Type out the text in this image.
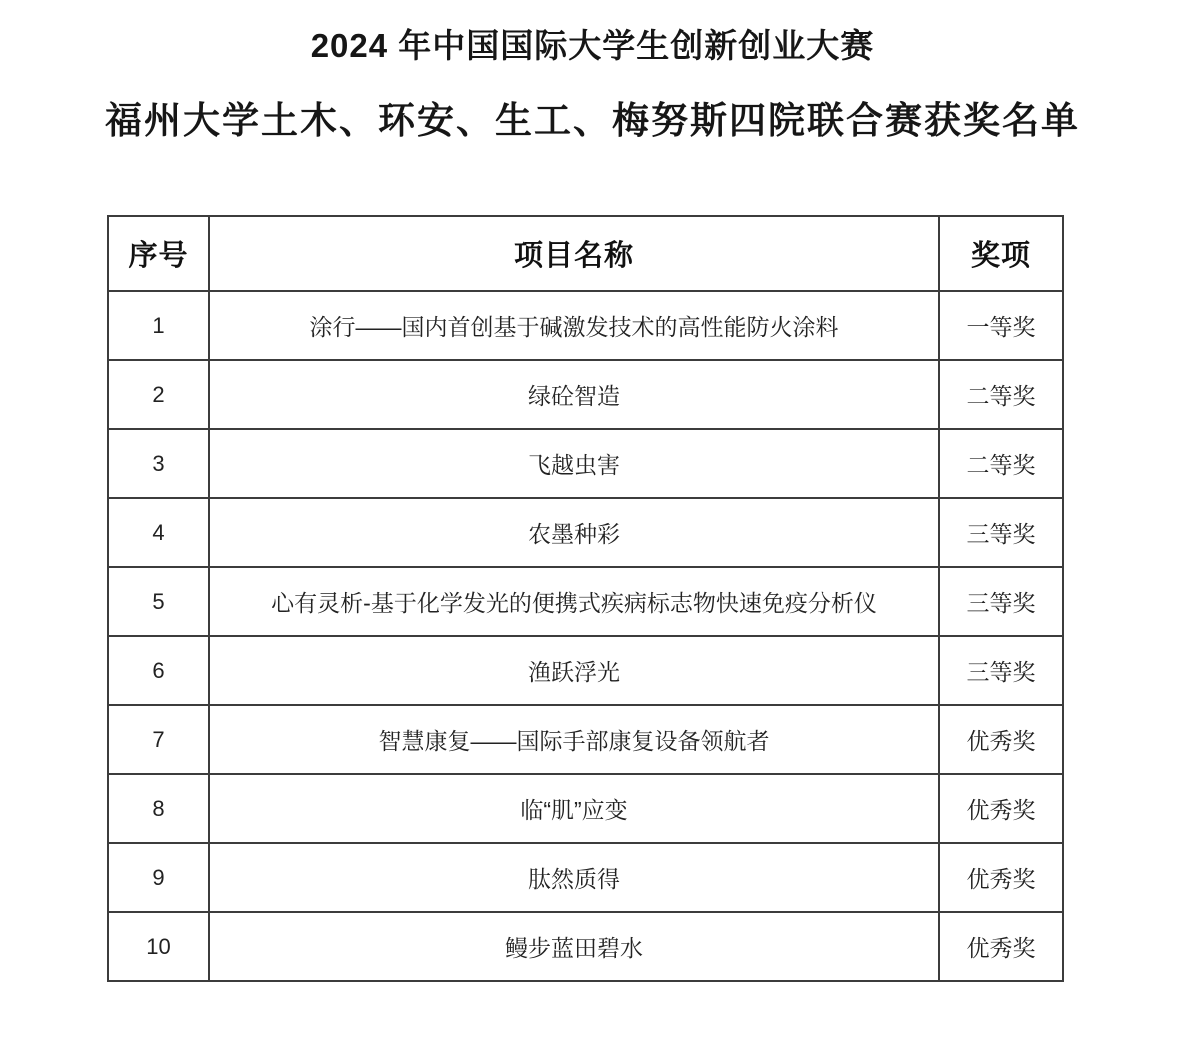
2024 年中国国际大学生创新创业大赛
福州大学土木、环安、生工、梅努斯四院联合赛获奖名单
序号	项目名称	奖项
1	涂行——国内首创基于碱激发技术的高性能防火涂料	一等奖
2	绿砼智造	二等奖
3	飞越虫害	二等奖
4	农墨种彩	三等奖
5	心有灵析-基于化学发光的便携式疾病标志物快速免疫分析仪	三等奖
6	渔跃浮光	三等奖
7	智慧康复——国际手部康复设备领航者	优秀奖
8	临“肌”应变	优秀奖
9	肽然质得	优秀奖
10	鳗步蓝田碧水	优秀奖
